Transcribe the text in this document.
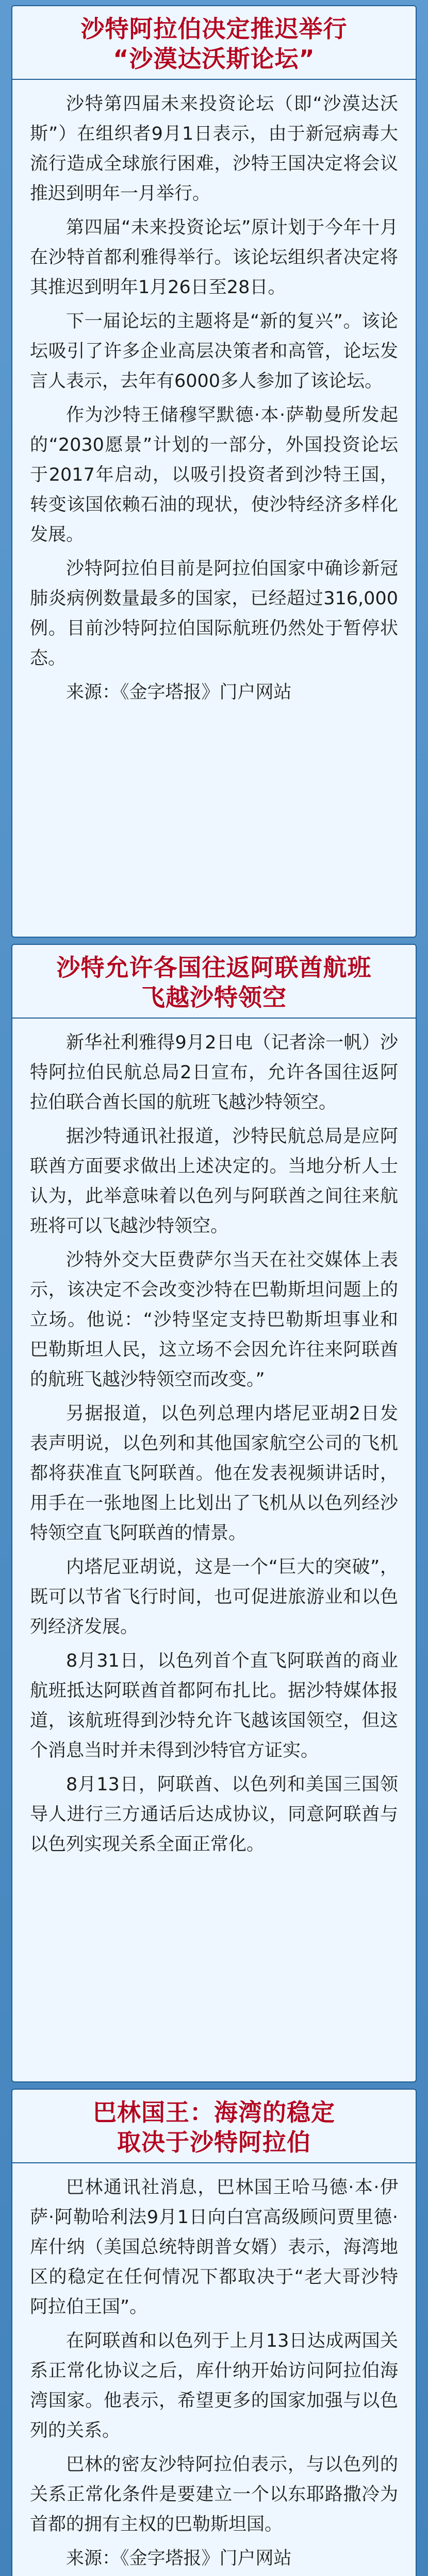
沙特阿拉伯决定推迟举行
“沙漠达沃斯论坛”

沙特第四届未来投资论坛（即“沙漠达沃斯”）在组织者9月1日表示，由于新冠病毒大流行造成全球旅行困难，沙特王国决定将会议推迟到明年一月举行。

第四届“未来投资论坛”原计划于今年十月在沙特首都利雅得举行。该论坛组织者决定将其推迟到明年1月26日至28日。

下一届论坛的主题将是“新的复兴”。该论坛吸引了许多企业高层决策者和高管，论坛发言人表示，去年有6000多人参加了该论坛。

作为沙特王储穆罕默德·本·萨勒曼所发起的“2030愿景”计划的一部分，外国投资论坛于2017年启动，以吸引投资者到沙特王国，转变该国依赖石油的现状，使沙特经济多样化发展。

沙特阿拉伯目前是阿拉伯国家中确诊新冠肺炎病例数量最多的国家，已经超过316,000例。目前沙特阿拉伯国际航班仍然处于暂停状态。

来源：《金字塔报》门户网站

沙特允许各国往返阿联酋航班
飞越沙特领空

新华社利雅得9月2日电（记者涂一帆）沙特阿拉伯民航总局2日宣布，允许各国往返阿拉伯联合酋长国的航班飞越沙特领空。

据沙特通讯社报道，沙特民航总局是应阿联酋方面要求做出上述决定的。当地分析人士认为，此举意味着以色列与阿联酋之间往来航班将可以飞越沙特领空。

沙特外交大臣费萨尔当天在社交媒体上表示，该决定不会改变沙特在巴勒斯坦问题上的立场。他说：“沙特坚定支持巴勒斯坦事业和巴勒斯坦人民，这立场不会因允许往来阿联酋的航班飞越沙特领空而改变。”

另据报道，以色列总理内塔尼亚胡2日发表声明说，以色列和其他国家航空公司的飞机都将获准直飞阿联酋。他在发表视频讲话时，用手在一张地图上比划出了飞机从以色列经沙特领空直飞阿联酋的情景。

内塔尼亚胡说，这是一个“巨大的突破”，既可以节省飞行时间，也可促进旅游业和以色列经济发展。

8月31日，以色列首个直飞阿联酋的商业航班抵达阿联酋首都阿布扎比。据沙特媒体报道，该航班得到沙特允许飞越该国领空，但这个消息当时并未得到沙特官方证实。

8月13日，阿联酋、以色列和美国三国领导人进行三方通话后达成协议，同意阿联酋与以色列实现关系全面正常化。

巴林国王：海湾的稳定
取决于沙特阿拉伯

巴林通讯社消息，巴林国王哈马德·本·伊萨·阿勒哈利法9月1日向白宫高级顾问贾里德·库什纳（美国总统特朗普女婿）表示，海湾地区的稳定在任何情况下都取决于“老大哥沙特阿拉伯王国”。

在阿联酋和以色列于上月13日达成两国关系正常化协议之后，库什纳开始访问阿拉伯海湾国家。他表示，希望更多的国家加强与以色列的关系。

巴林的密友沙特阿拉伯表示，与以色列的关系正常化条件是要建立一个以东耶路撒冷为首都的拥有主权的巴勒斯坦国。

来源：《金字塔报》门户网站
